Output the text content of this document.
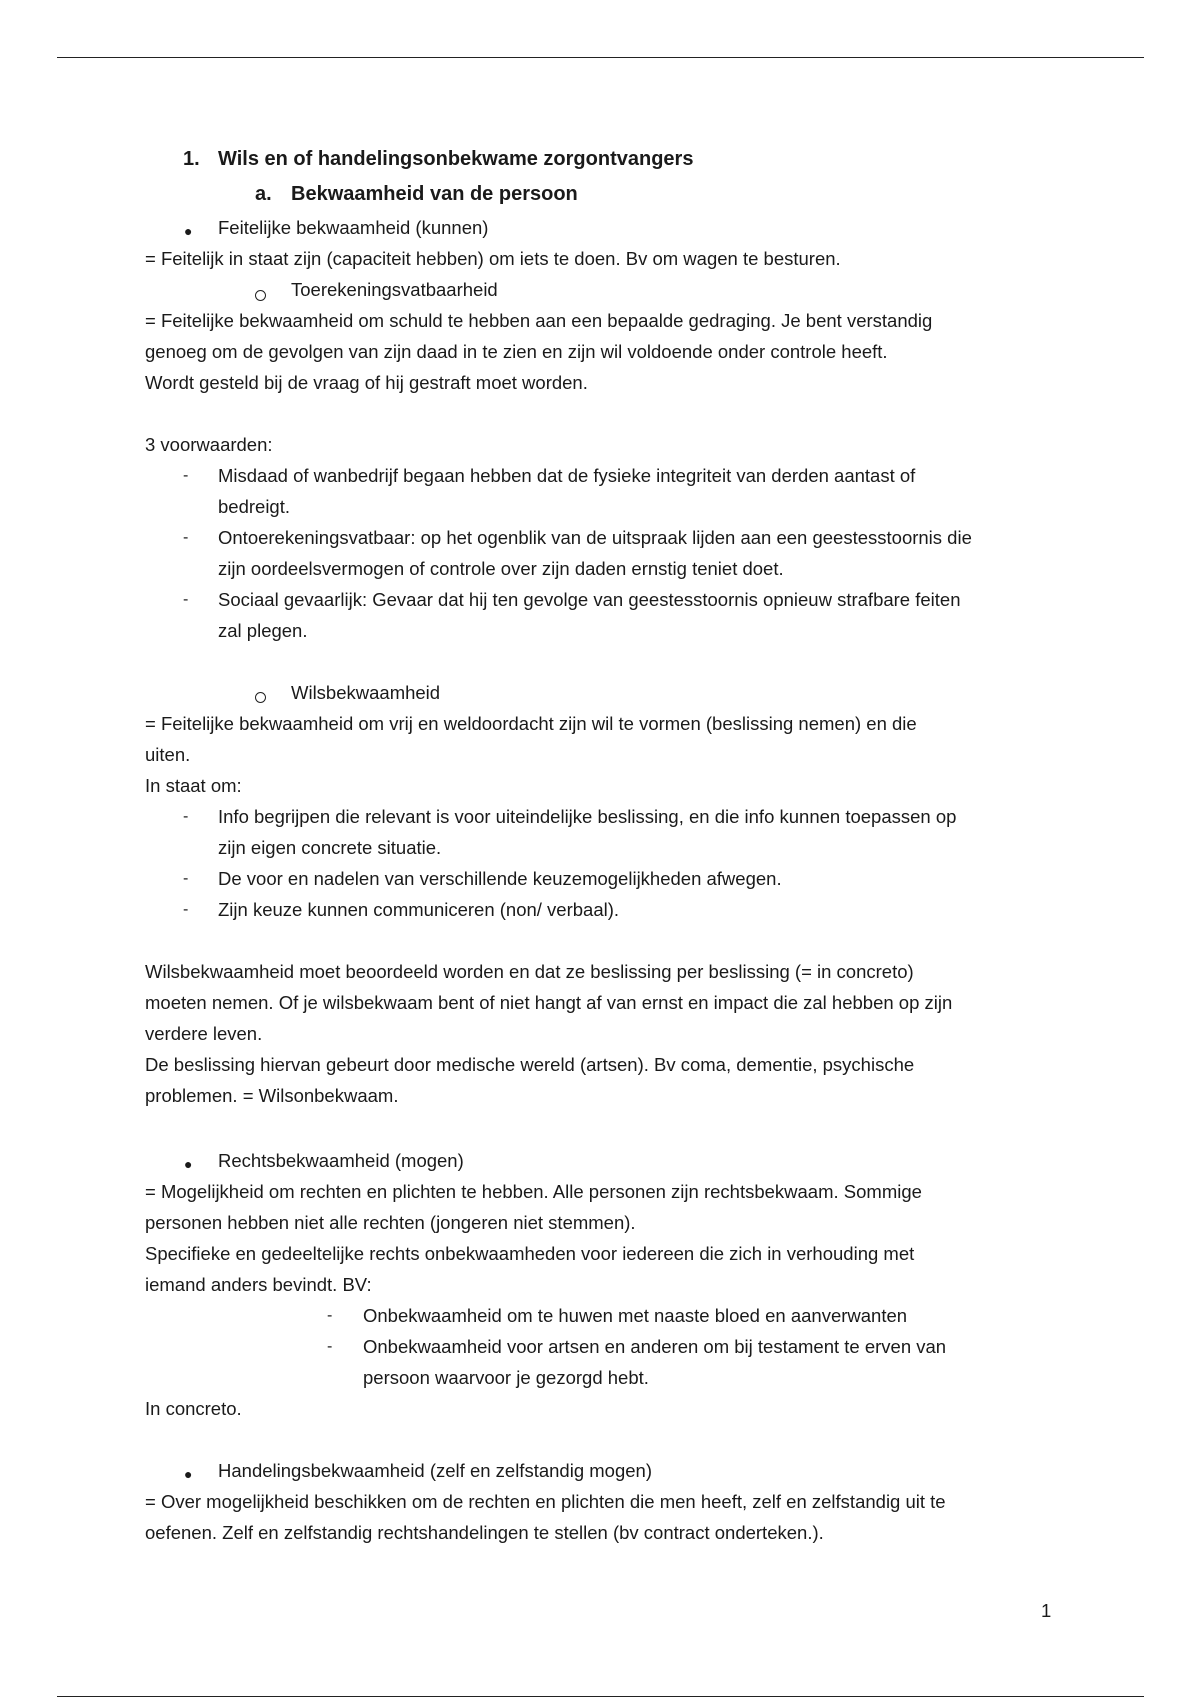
1. Wils en of handelingsonbekwame zorgontvangers
a. Bekwaamheid van de persoon
● Feitelijke bekwaamheid (kunnen)
= Feitelijk in staat zijn (capaciteit hebben) om iets te doen. Bv om wagen te besturen.
Toerekeningsvatbaarheid
= Feitelijke bekwaamheid om schuld te hebben aan een bepaalde gedraging. Je bent verstandig
genoeg om de gevolgen van zijn daad in te zien en zijn wil voldoende onder controle heeft.
Wordt gesteld bij de vraag of hij gestraft moet worden.
3 voorwaarden:
- Misdaad of wanbedrijf begaan hebben dat de fysieke integriteit van derden aantast of
bedreigt.
- Ontoerekeningsvatbaar: op het ogenblik van de uitspraak lijden aan een geestesstoornis die
zijn oordeelsvermogen of controle over zijn daden ernstig teniet doet.
- Sociaal gevaarlijk: Gevaar dat hij ten gevolge van geestesstoornis opnieuw strafbare feiten
zal plegen.
Wilsbekwaamheid
= Feitelijke bekwaamheid om vrij en weldoordacht zijn wil te vormen (beslissing nemen) en die
uiten.
In staat om:
- Info begrijpen die relevant is voor uiteindelijke beslissing, en die info kunnen toepassen op
zijn eigen concrete situatie.
- De voor en nadelen van verschillende keuzemogelijkheden afwegen.
- Zijn keuze kunnen communiceren (non/ verbaal).
Wilsbekwaamheid moet beoordeeld worden en dat ze beslissing per beslissing (= in concreto)
moeten nemen. Of je wilsbekwaam bent of niet hangt af van ernst en impact die zal hebben op zijn
verdere leven.
De beslissing hiervan gebeurt door medische wereld (artsen). Bv coma, dementie, psychische
problemen. = Wilsonbekwaam.
● Rechtsbekwaamheid (mogen)
= Mogelijkheid om rechten en plichten te hebben. Alle personen zijn rechtsbekwaam. Sommige
personen hebben niet alle rechten (jongeren niet stemmen).
Specifieke en gedeeltelijke rechts onbekwaamheden voor iedereen die zich in verhouding met
iemand anders bevindt. BV:
- Onbekwaamheid om te huwen met naaste bloed en aanverwanten
- Onbekwaamheid voor artsen en anderen om bij testament te erven van
persoon waarvoor je gezorgd hebt.
In concreto.
● Handelingsbekwaamheid (zelf en zelfstandig mogen)
= Over mogelijkheid beschikken om de rechten en plichten die men heeft, zelf en zelfstandig uit te
oefenen. Zelf en zelfstandig rechtshandelingen te stellen (bv contract onderteken.).
1
